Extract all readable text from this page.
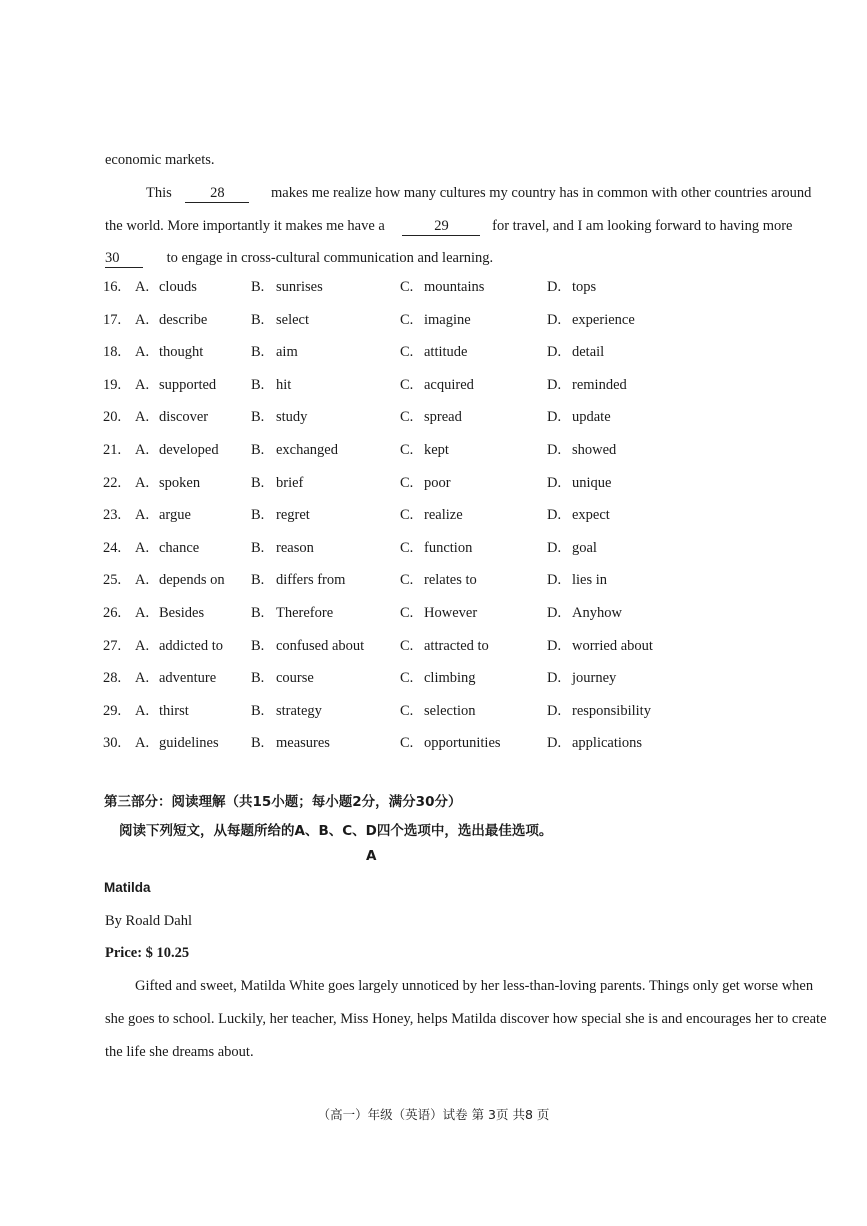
economic markets.
This	28	makes me realize how many cultures my country has in common with other countries around
the world. More importantly it makes me have a	29	for travel, and I am looking forward to having more
30	to engage in cross-cultural communication and learning.
16. A. clouds	B. sunrises	C. mountains	D. tops
17. A. describe	B. select	C. imagine	D. experience
18. A. thought	B. aim	C. attitude	D. detail
19. A. supported B. hit	C. acquired	D. reminded
20. A. discover	B. study	C. spread	D. update
21. A. developed B. exchanged	C. kept	D. showed
22. A. spoken	B. brief	C. poor	D. unique
23. A. argue	B. regret	C. realize	D. expect
24. A. chance	B. reason	C. function	D. goal
25. A. depends on B. differs from	C. relates to	D. lies in
26. A. Besides	B. Therefore	C. However	D. Anyhow
27. A. addicted to B. confused about C. attracted to	D. worried about
28. A. adventure B. course	C. climbing	D. journey
29. A. thirst	B. strategy	C. selection	D. responsibility
30. A. guidelines B. measures	C. opportunities	D. applications
第三部分：阅读理解（共15小题；每小题2分，满分30分）
阅读下列短文，从每题所给的A、B、C、D四个选项中，选出最佳选项。
A
Matilda
By Roald Dahl
Price: $ 10.25
Gifted and sweet, Matilda White goes largely unnoticed by her less-than-loving parents. Things only get worse when she goes to school. Luckily, her teacher, Miss Honey, helps Matilda discover how special she is and encourages her to create the life she dreams about.
（高一）年级（英语）试卷 第 3页 共8 页
